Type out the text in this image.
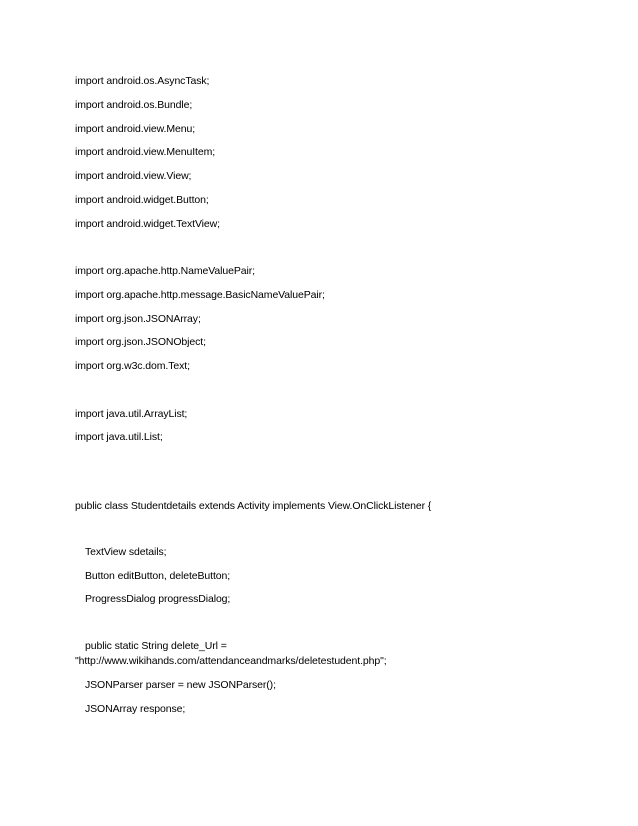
import android.os.AsyncTask;
import android.os.Bundle;
import android.view.Menu;
import android.view.MenuItem;
import android.view.View;
import android.widget.Button;
import android.widget.TextView;
import org.apache.http.NameValuePair;
import org.apache.http.message.BasicNameValuePair;
import org.json.JSONArray;
import org.json.JSONObject;
import org.w3c.dom.Text;
import java.util.ArrayList;
import java.util.List;
public class Studentdetails extends Activity implements View.OnClickListener {
TextView sdetails;
Button editButton, deleteButton;
ProgressDialog progressDialog;
public static String delete_Url =
"http://www.wikihands.com/attendanceandmarks/deletestudent.php";
JSONParser parser = new JSONParser();
JSONArray response;
